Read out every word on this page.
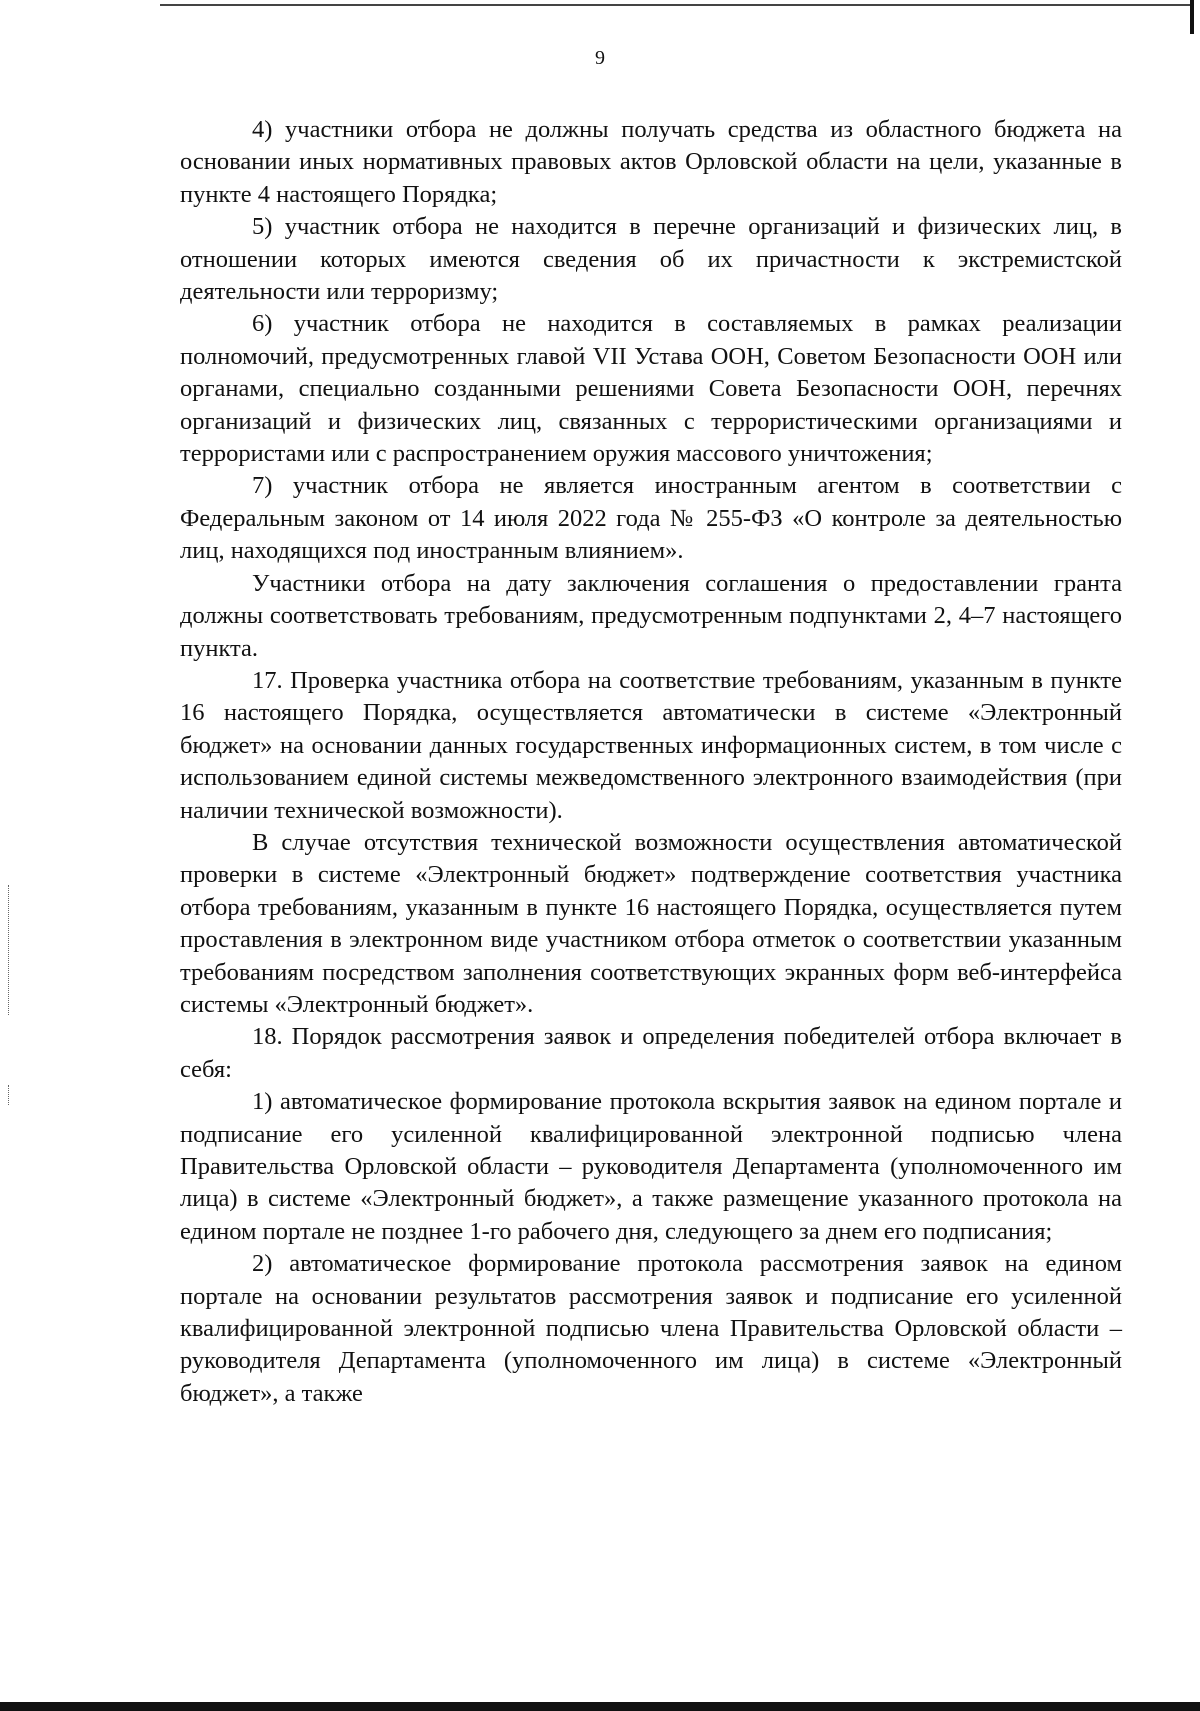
9

4) участники отбора не должны получать средства из областного бюджета на основании иных нормативных правовых актов Орловской области на цели, указанные в пункте 4 настоящего Порядка;

5) участник отбора не находится в перечне организаций и физических лиц, в отношении которых имеются сведения об их причастности к экстремистской деятельности или терроризму;

6) участник отбора не находится в составляемых в рамках реализации полномочий, предусмотренных главой VII Устава ООН, Советом Безопасности ООН или органами, специально созданными решениями Совета Безопасности ООН, перечнях организаций и физических лиц, связанных с террористическими организациями и террористами или с распространением оружия массового уничтожения;

7) участник отбора не является иностранным агентом в соответствии с Федеральным законом от 14 июля 2022 года № 255-ФЗ «О контроле за деятельностью лиц, находящихся под иностранным влиянием».

Участники отбора на дату заключения соглашения о предоставлении гранта должны соответствовать требованиям, предусмотренным подпунктами 2, 4–7 настоящего пункта.

17. Проверка участника отбора на соответствие требованиям, указанным в пункте 16 настоящего Порядка, осуществляется автоматически в системе «Электронный бюджет» на основании данных государственных информационных систем, в том числе с использованием единой системы межведомственного электронного взаимодействия (при наличии технической возможности).

В случае отсутствия технической возможности осуществления автоматической проверки в системе «Электронный бюджет» подтверждение соответствия участника отбора требованиям, указанным в пункте 16 настоящего Порядка, осуществляется путем проставления в электронном виде участником отбора отметок о соответствии указанным требованиям посредством заполнения соответствующих экранных форм веб-интерфейса системы «Электронный бюджет».

18. Порядок рассмотрения заявок и определения победителей отбора включает в себя:

1) автоматическое формирование протокола вскрытия заявок на едином портале и подписание его усиленной квалифицированной электронной подписью члена Правительства Орловской области – руководителя Департамента (уполномоченного им лица) в системе «Электронный бюджет», а также размещение указанного протокола на едином портале не позднее 1-го рабочего дня, следующего за днем его подписания;

2) автоматическое формирование протокола рассмотрения заявок на едином портале на основании результатов рассмотрения заявок и подписание его усиленной квалифицированной электронной подписью члена Правительства Орловской области – руководителя Департамента (уполномоченного им лица) в системе «Электронный бюджет», а также
